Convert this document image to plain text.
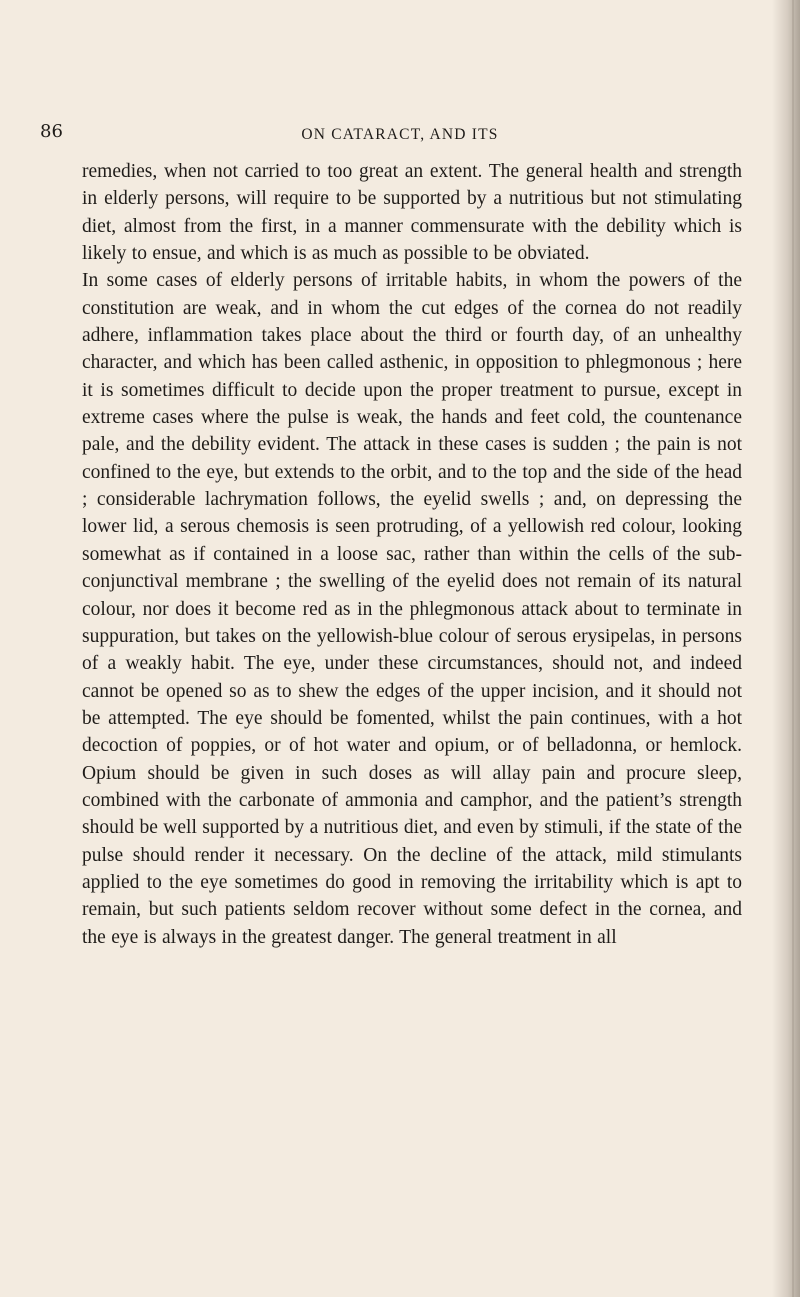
86	ON CATARACT, AND ITS

remedies, when not carried to too great an extent. The general health and strength in elderly persons, will require to be supported by a nutritious but not stimulating diet, almost from the first, in a manner commensurate with the debility which is likely to ensue, and which is as much as possible to be obviated.

In some cases of elderly persons of irritable habits, in whom the powers of the constitution are weak, and in whom the cut edges of the cornea do not readily adhere, inflammation takes place about the third or fourth day, of an unhealthy character, and which has been called asthenic, in opposition to phlegmonous ; here it is sometimes difficult to decide upon the proper treatment to pursue, except in extreme cases where the pulse is weak, the hands and feet cold, the countenance pale, and the debility evident. The attack in these cases is sudden ; the pain is not confined to the eye, but extends to the orbit, and to the top and the side of the head ; considerable lachrymation follows, the eyelid swells ; and, on depressing the lower lid, a serous chemosis is seen protruding, of a yellowish red colour, looking somewhat as if contained in a loose sac, rather than within the cells of the sub-conjunctival membrane ; the swelling of the eyelid does not remain of its natural colour, nor does it become red as in the phlegmonous attack about to terminate in suppuration, but takes on the yellowish-blue colour of serous erysipelas, in persons of a weakly habit. The eye, under these circumstances, should not, and indeed cannot be opened so as to shew the edges of the upper incision, and it should not be attempted. The eye should be fomented, whilst the pain continues, with a hot decoction of poppies, or of hot water and opium, or of belladonna, or hemlock. Opium should be given in such doses as will allay pain and procure sleep, combined with the carbonate of ammonia and camphor, and the patient’s strength should be well supported by a nutritious diet, and even by stimuli, if the state of the pulse should render it necessary. On the decline of the attack, mild stimulants applied to the eye sometimes do good in removing the irritability which is apt to remain, but such patients seldom recover without some defect in the cornea, and the eye is always in the greatest danger. The general treatment in all
